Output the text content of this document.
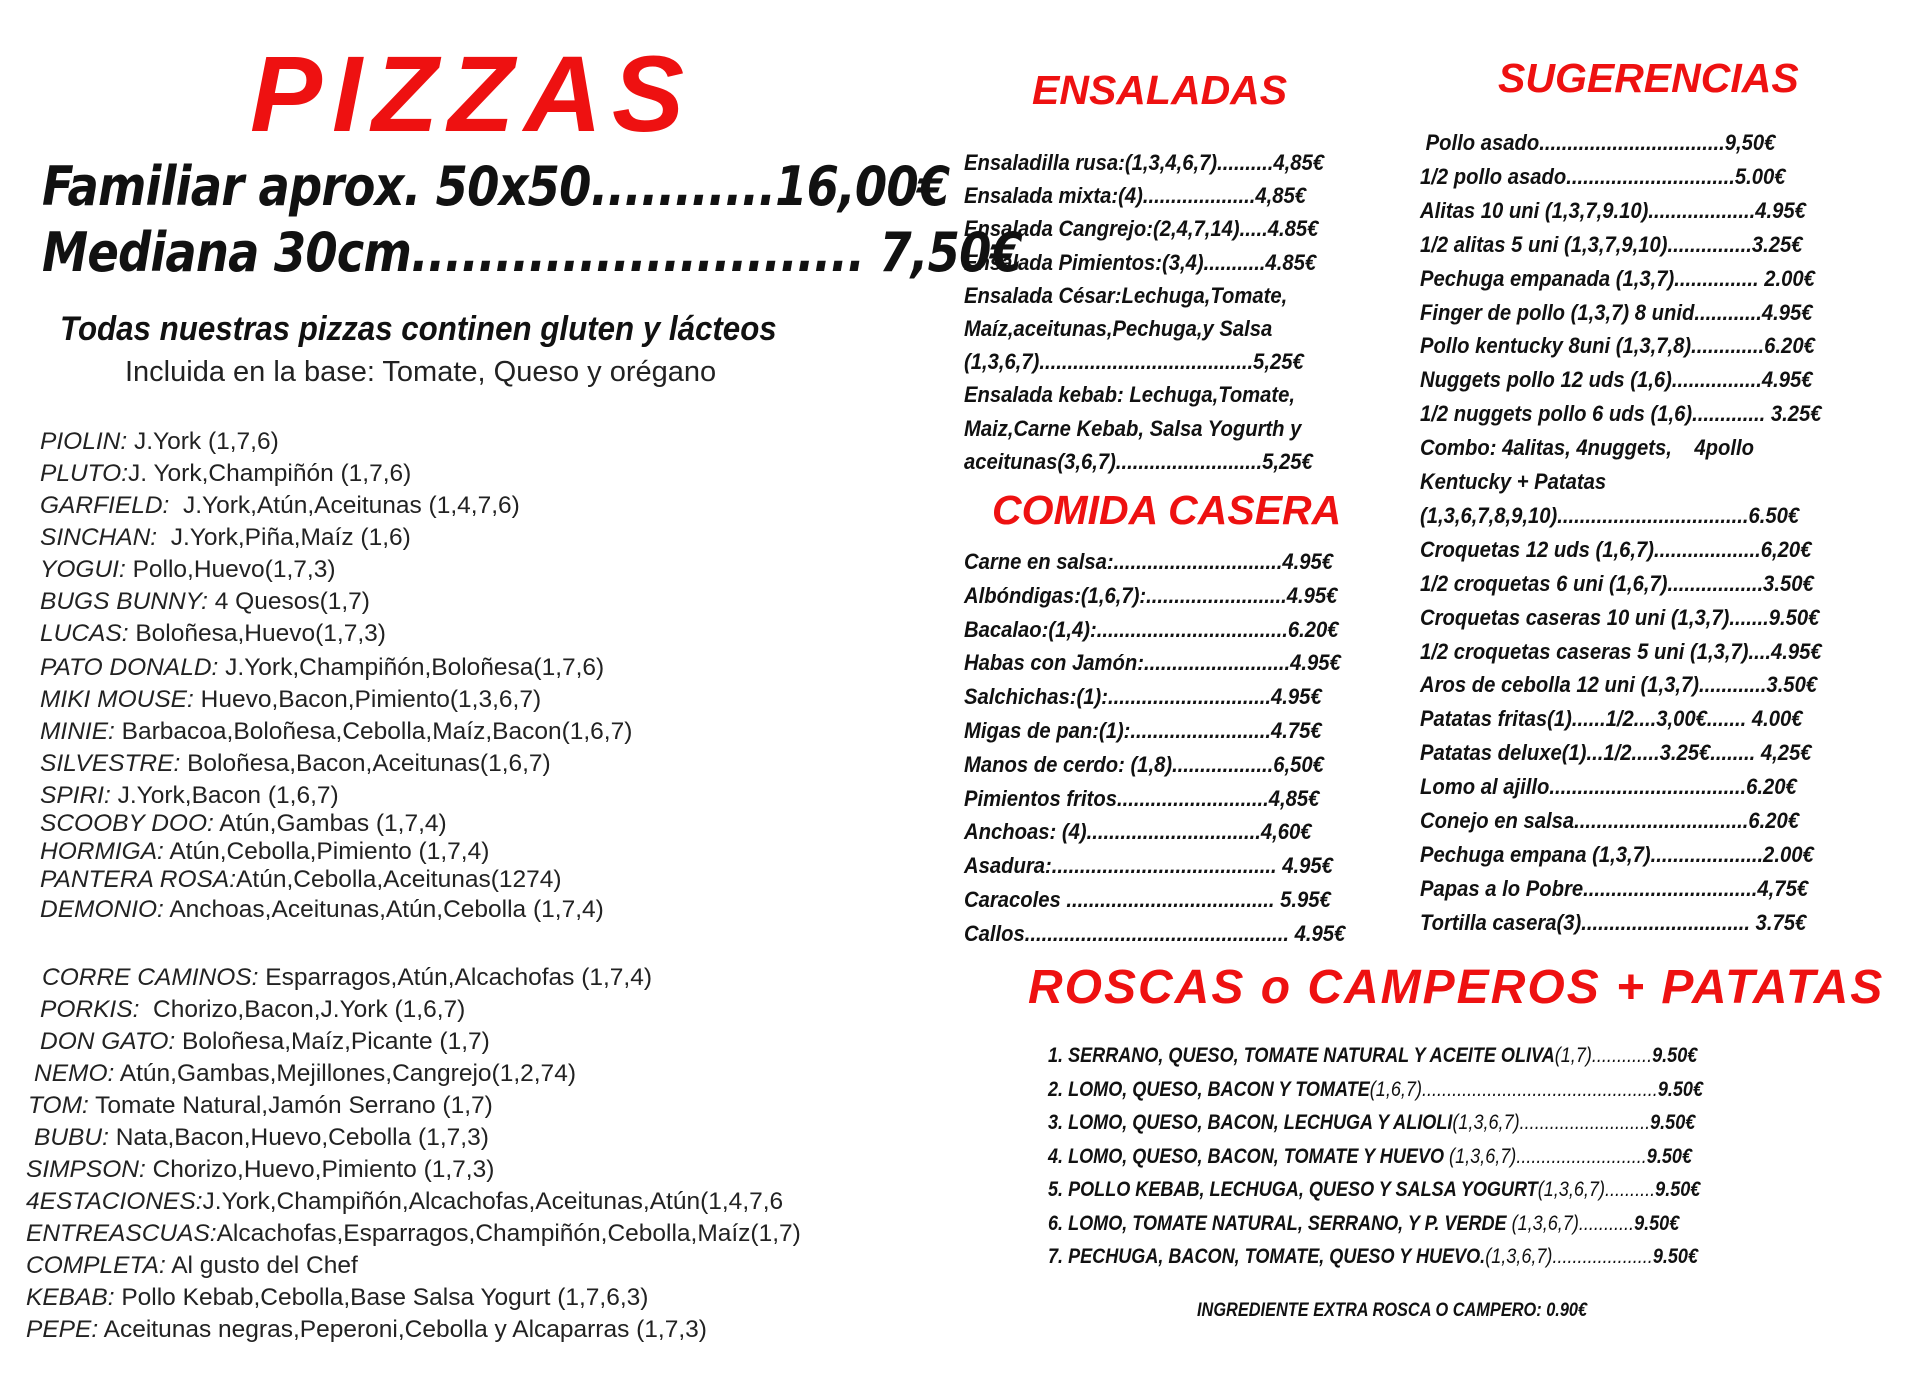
PIZZAS
Familiar aprox. 50x50...........16,00€
Mediana 30cm........................... 7,50€
Todas nuestras pizzas continen gluten y lácteos
Incluida en la base: Tomate, Queso y orégano
PIOLIN: J.York (1,7,6)
PLUTO:J. York,Champiñón (1,7,6)
GARFIELD:  J.York,Atún,Aceitunas (1,4,7,6)
SINCHAN:  J.York,Piña,Maíz (1,6)
YOGUI: Pollo,Huevo(1,7,3)
BUGS BUNNY: 4 Quesos(1,7)
LUCAS: Boloñesa,Huevo(1,7,3)
PATO DONALD: J.York,Champiñón,Boloñesa(1,7,6)
MIKI MOUSE: Huevo,Bacon,Pimiento(1,3,6,7)
MINIE: Barbacoa,Boloñesa,Cebolla,Maíz,Bacon(1,6,7)
SILVESTRE: Boloñesa,Bacon,Aceitunas(1,6,7)
SPIRI: J.York,Bacon (1,6,7)
SCOOBY DOO: Atún,Gambas (1,7,4)
HORMIGA: Atún,Cebolla,Pimiento (1,7,4)
PANTERA ROSA:Atún,Cebolla,Aceitunas(1274)
DEMONIO: Anchoas,Aceitunas,Atún,Cebolla (1,7,4)
CORRE CAMINOS: Esparragos,Atún,Alcachofas (1,7,4)
PORKIS:  Chorizo,Bacon,J.York (1,6,7)
DON GATO: Boloñesa,Maíz,Picante (1,7)
NEMO: Atún,Gambas,Mejillones,Cangrejo(1,2,74)
TOM: Tomate Natural,Jamón Serrano (1,7)
BUBU: Nata,Bacon,Huevo,Cebolla (1,7,3)
SIMPSON: Chorizo,Huevo,Pimiento (1,7,3)
4ESTACIONES:J.York,Champiñón,Alcachofas,Aceitunas,Atún(1,4,7,6
ENTREASCUAS:Alcachofas,Esparragos,Champiñón,Cebolla,Maíz(1,7)
COMPLETA: Al gusto del Chef
KEBAB: Pollo Kebab,Cebolla,Base Salsa Yogurt (1,7,6,3)
PEPE: Aceitunas negras,Peperoni,Cebolla y Alcaparras (1,7,3)
ENSALADAS
Ensaladilla rusa:(1,3,4,6,7)..........4,85€
Ensalada mixta:(4)....................4,85€
Ensalada Cangrejo:(2,4,7,14).....4.85€
Ensalada Pimientos:(3,4)...........4.85€
Ensalada César:Lechuga,Tomate,
Maíz,aceitunas,Pechuga,y Salsa
(1,3,6,7)......................................5,25€
Ensalada kebab: Lechuga,Tomate,
Maiz,Carne Kebab, Salsa Yogurth y
aceitunas(3,6,7)..........................5,25€
COMIDA CASERA
Carne en salsa:..............................4.95€
Albóndigas:(1,6,7):.........................4.95€
Bacalao:(1,4):..................................6.20€
Habas con Jamón:..........................4.95€
Salchichas:(1):.............................4.95€
Migas de pan:(1):.........................4.75€
Manos de cerdo: (1,8)..................6,50€
Pimientos fritos...........................4,85€
Anchoas: (4)...............................4,60€
Asadura:........................................ 4.95€
Caracoles ..................................... 5.95€
Callos............................................... 4.95€
SUGERENCIAS
Pollo asado.................................9,50€
1/2 pollo asado..............................5.00€
Alitas 10 uni (1,3,7,9.10)...................4.95€
1/2 alitas 5 uni (1,3,7,9,10)...............3.25€
Pechuga empanada (1,3,7)............... 2.00€
Finger de pollo (1,3,7) 8 unid............4.95€
Pollo kentucky 8uni (1,3,7,8).............6.20€
Nuggets pollo 12 uds (1,6)................4.95€
1/2 nuggets pollo 6 uds (1,6)............. 3.25€
Combo: 4alitas, 4nuggets,    4pollo
Kentucky + Patatas
(1,3,6,7,8,9,10)..................................6.50€
Croquetas 12 uds (1,6,7)...................6,20€
1/2 croquetas 6 uni (1,6,7).................3.50€
Croquetas caseras 10 uni (1,3,7).......9.50€
1/2 croquetas caseras 5 uni (1,3,7)....4.95€
Aros de cebolla 12 uni (1,3,7)............3.50€
Patatas fritas(1)......1/2....3,00€....... 4.00€
Patatas deluxe(1)...1/2.....3.25€........ 4,25€
Lomo al ajillo...................................6.20€
Conejo en salsa...............................6.20€
Pechuga empana (1,3,7)....................2.00€
Papas a lo Pobre...............................4,75€
Tortilla casera(3).............................. 3.75€
ROSCAS o CAMPEROS + PATATAS
1. SERRANO, QUESO, TOMATE NATURAL Y ACEITE OLIVA(1,7)............9.50€
2. LOMO, QUESO, BACON Y TOMATE(1,6,7)...............................................9.50€
3. LOMO, QUESO, BACON, LECHUGA Y ALIOLI(1,3,6,7)..........................9.50€
4. LOMO, QUESO, BACON, TOMATE Y HUEVO (1,3,6,7)..........................9.50€
5. POLLO KEBAB, LECHUGA, QUESO Y SALSA YOGURT(1,3,6,7)..........9.50€
6. LOMO, TOMATE NATURAL, SERRANO, Y P. VERDE (1,3,6,7)...........9.50€
7. PECHUGA, BACON, TOMATE, QUESO Y HUEVO.(1,3,6,7)....................9.50€
INGREDIENTE EXTRA ROSCA O CAMPERO: 0.90€
